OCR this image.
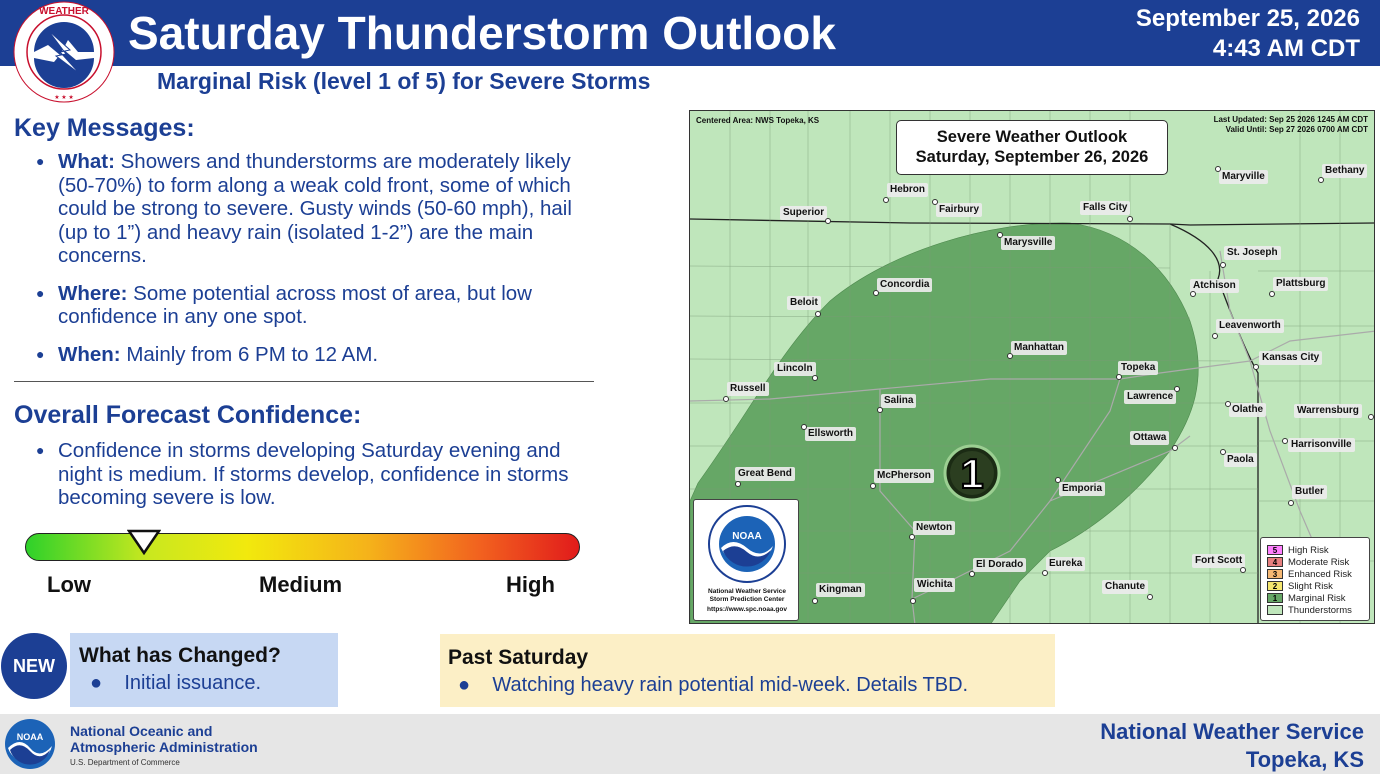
Saturday Thunderstorm Outlook	September 25, 2026
4:43 AM CDT
WEATHER
★ ★ ★
Marginal Risk (level 1 of 5) for Severe Storms
Key Messages:
● What: Showers and thunderstorms are moderately likely (50-70%) to form along a weak cold front, some of which could be strong to severe. Gusty winds (50-60 mph), hail (up to 1”) and heavy rain (isolated 1-2”) are the main concerns.
● Where: Some potential across most of area, but low confidence in any one spot.
● When: Mainly from 6 PM to 12 AM.
Overall Forecast Confidence:
● Confidence in storms developing Saturday evening and night is medium. If storms develop, confidence in storms becoming severe is low.
Low	Medium	High
NEW	What has Changed?
●    Initial issuance.
Past Saturday
●    Watching heavy rain potential mid-week. Details TBD.
NOAA National Oceanic and
Atmospheric Administration
U.S. Department of Commerce
National Weather Service
Topeka, KS
Centered Area: NWS Topeka, KS	Last Updated: Sep 25 2026 1245 AM CDT
Valid Until: Sep 27 2026 0700 AM CDT
Severe Weather Outlook
Saturday, September 26, 2026
Hebron
Fairbury
Superior	Falls City
Maryville
Bethany
Marysville
St. Joseph
Concordia	Atchison	Plattsburg
Beloit
Leavenworth
Manhattan
Kansas City
Lincoln	Topeka
Russell
Lawrence
Salina
Olathe	Warrensburg
Ellsworth	Ottawa
Harrisonville
Paola
Great Bend	McPherson
Emporia	Butler
Newton
Fort Scott
El Dorado	Eureka
Kingman	Wichita	Chanute
1
NOAA
National Weather Service
Storm Prediction Center
https://www.spc.noaa.gov
5	High Risk
4	Moderate Risk
3	Enhanced Risk
2	Slight Risk
1	Marginal Risk
Thunderstorms
